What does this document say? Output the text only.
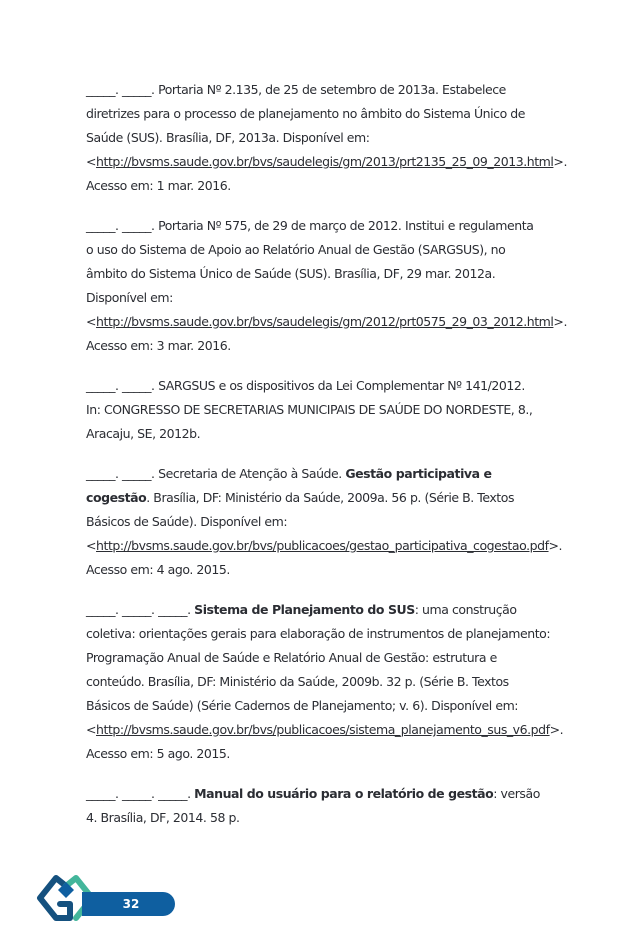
_____. _____. Portaria Nº 2.135, de 25 de setembro de 2013a. Estabelece diretrizes para o processo de planejamento no âmbito do Sistema Único de Saúde (SUS). Brasília, DF, 2013a. Disponível em: <http://bvsms.saude.gov.br/bvs/saudelegis/gm/2013/prt2135_25_09_2013.html>. Acesso em: 1 mar. 2016.

_____. _____. Portaria Nº 575, de 29 de março de 2012. Institui e regulamenta o uso do Sistema de Apoio ao Relatório Anual de Gestão (SARGSUS), no âmbito do Sistema Único de Saúde (SUS). Brasília, DF, 29 mar. 2012a. Disponível em: <http://bvsms.saude.gov.br/bvs/saudelegis/gm/2012/prt0575_29_03_2012.html>. Acesso em: 3 mar. 2016.

_____. _____. SARGSUS e os dispositivos da Lei Complementar Nº 141/2012. In: CONGRESSO DE SECRETARIAS MUNICIPAIS DE SAÚDE DO NORDESTE, 8., Aracaju, SE, 2012b.

_____. _____. Secretaria de Atenção à Saúde. Gestão participativa e cogestão. Brasília, DF: Ministério da Saúde, 2009a. 56 p. (Série B. Textos Básicos de Saúde). Disponível em: <http://bvsms.saude.gov.br/bvs/publicacoes/gestao_participativa_cogestao.pdf>. Acesso em: 4 ago. 2015.

_____. _____. _____. Sistema de Planejamento do SUS: uma construção coletiva: orientações gerais para elaboração de instrumentos de planejamento: Programação Anual de Saúde e Relatório Anual de Gestão: estrutura e conteúdo. Brasília, DF: Ministério da Saúde, 2009b. 32 p. (Série B. Textos Básicos de Saúde) (Série Cadernos de Planejamento; v. 6). Disponível em: <http://bvsms.saude.gov.br/bvs/publicacoes/sistema_planejamento_sus_v6.pdf>. Acesso em: 5 ago. 2015.

_____. _____. _____. Manual do usuário para o relatório de gestão: versão 4. Brasília, DF, 2014. 58 p.

32
